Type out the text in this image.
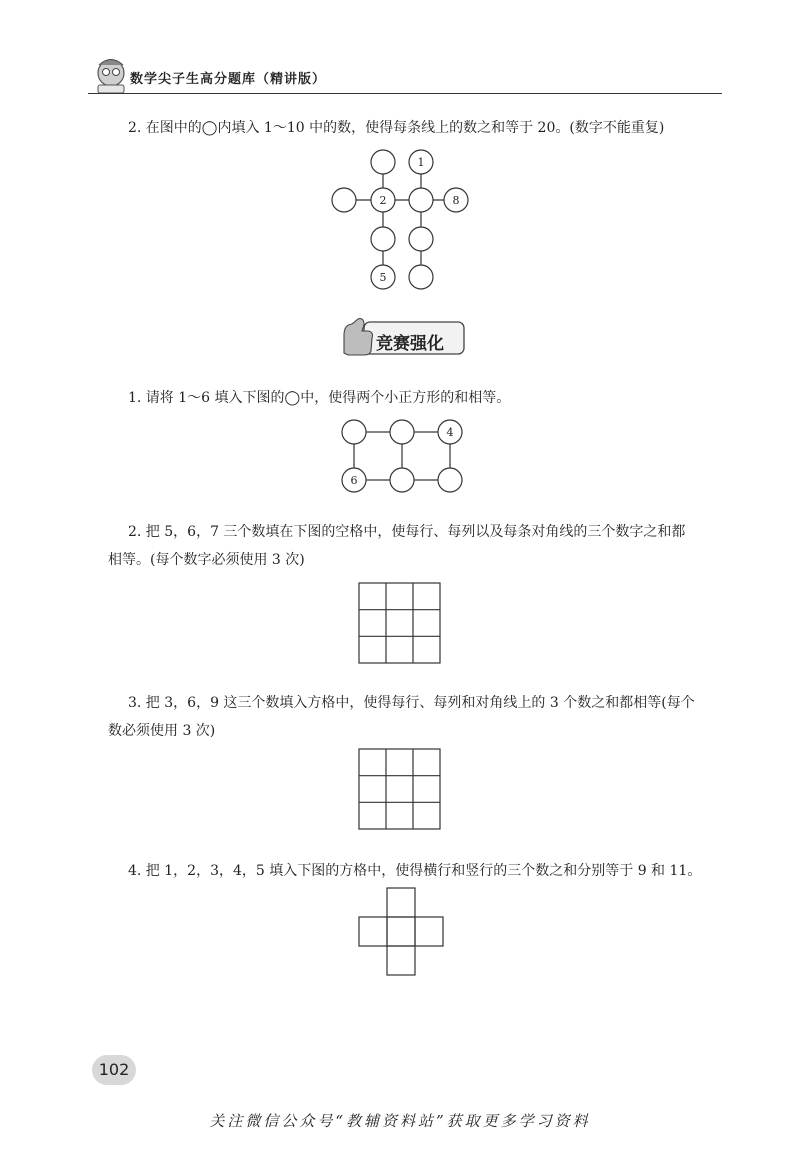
数学尖子生高分题库（精讲版）
2. 在图中的◯内填入 1～10 中的数，使得每条线上的数之和等于 20。(数字不能重复)
1
2	8
5
竞赛强化
1. 请将 1～6 填入下图的◯中，使得两个小正方形的和相等。
4
6
2. 把 5，6，7 三个数填在下图的空格中，使每行、每列以及每条对角线的三个数字之和都
相等。(每个数字必须使用 3 次)
3. 把 3，6，9 这三个数填入方格中，使得每行、每列和对角线上的 3 个数之和都相等(每个
数必须使用 3 次)
4. 把 1，2，3，4，5 填入下图的方格中，使得横行和竖行的三个数之和分别等于 9 和 11。
102
关注微信公众号“教辅资料站”获取更多学习资料
